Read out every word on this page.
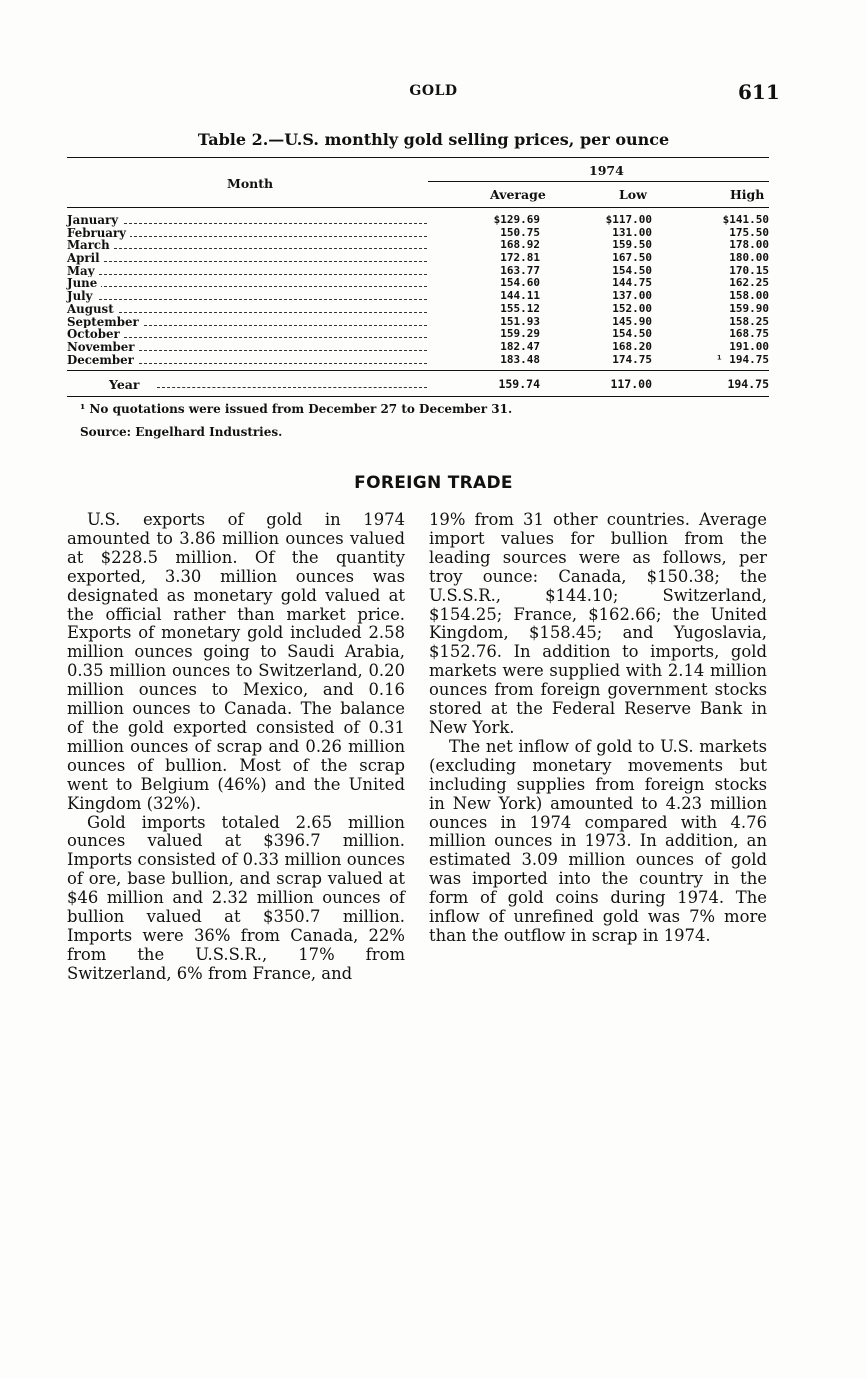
GOLD	611
Table 2.—U.S. monthly gold selling prices, per ounce
Month
1974
Average	Low	High
January	$129.69	$117.00	$141.50
February	150.75	131.00	175.50
March	168.92	159.50	178.00
April	172.81	167.50	180.00
May	163.77	154.50	170.15
June	154.60	144.75	162.25
July	144.11	137.00	158.00
August	155.12	152.00	159.90
September	151.93	145.90	158.25
October	159.29	154.50	168.75
November	182.47	168.20	191.00
December	183.48	174.75	¹ 194.75
Year	159.74	117.00	194.75
¹ No quotations were issued from December 27 to December 31.
Source: Engelhard Industries.
FOREIGN TRADE

U.S. exports of gold in 1974 amounted to 3.86 million ounces valued at $228.5 million. Of the quantity exported, 3.30 million ounces was designated as monetary gold valued at the official rather than market price. Exports of monetary gold included 2.58 million ounces going to Saudi Arabia, 0.35 million ounces to Switzerland, 0.20 million ounces to Mexico, and 0.16 million ounces to Canada. The balance of the gold exported consisted of 0.31 million ounces of scrap and 0.26 million ounces of bullion. Most of the scrap went to Belgium (46%) and the United Kingdom (32%).

Gold imports totaled 2.65 million ounces valued at $396.7 million. Imports consisted of 0.33 million ounces of ore, base bullion, and scrap valued at $46 million and 2.32 million ounces of bullion valued at $350.7 million. Imports were 36% from Canada, 22% from the U.S.S.R., 17% from Switzerland, 6% from France, and

19% from 31 other countries. Average import values for bullion from the leading sources were as follows, per troy ounce: Canada, $150.38; the U.S.S.R., $144.10; Switzerland, $154.25; France, $162.66; the United Kingdom, $158.45; and Yugoslavia, $152.76. In addition to imports, gold markets were supplied with 2.14 million ounces from foreign government stocks stored at the Federal Reserve Bank in New York.

The net inflow of gold to U.S. markets (excluding monetary movements but including supplies from foreign stocks in New York) amounted to 4.23 million ounces in 1974 compared with 4.76 million ounces in 1973. In addition, an estimated 3.09 million ounces of gold was imported into the country in the form of gold coins during 1974. The inflow of unrefined gold was 7% more than the outflow in scrap in 1974.
